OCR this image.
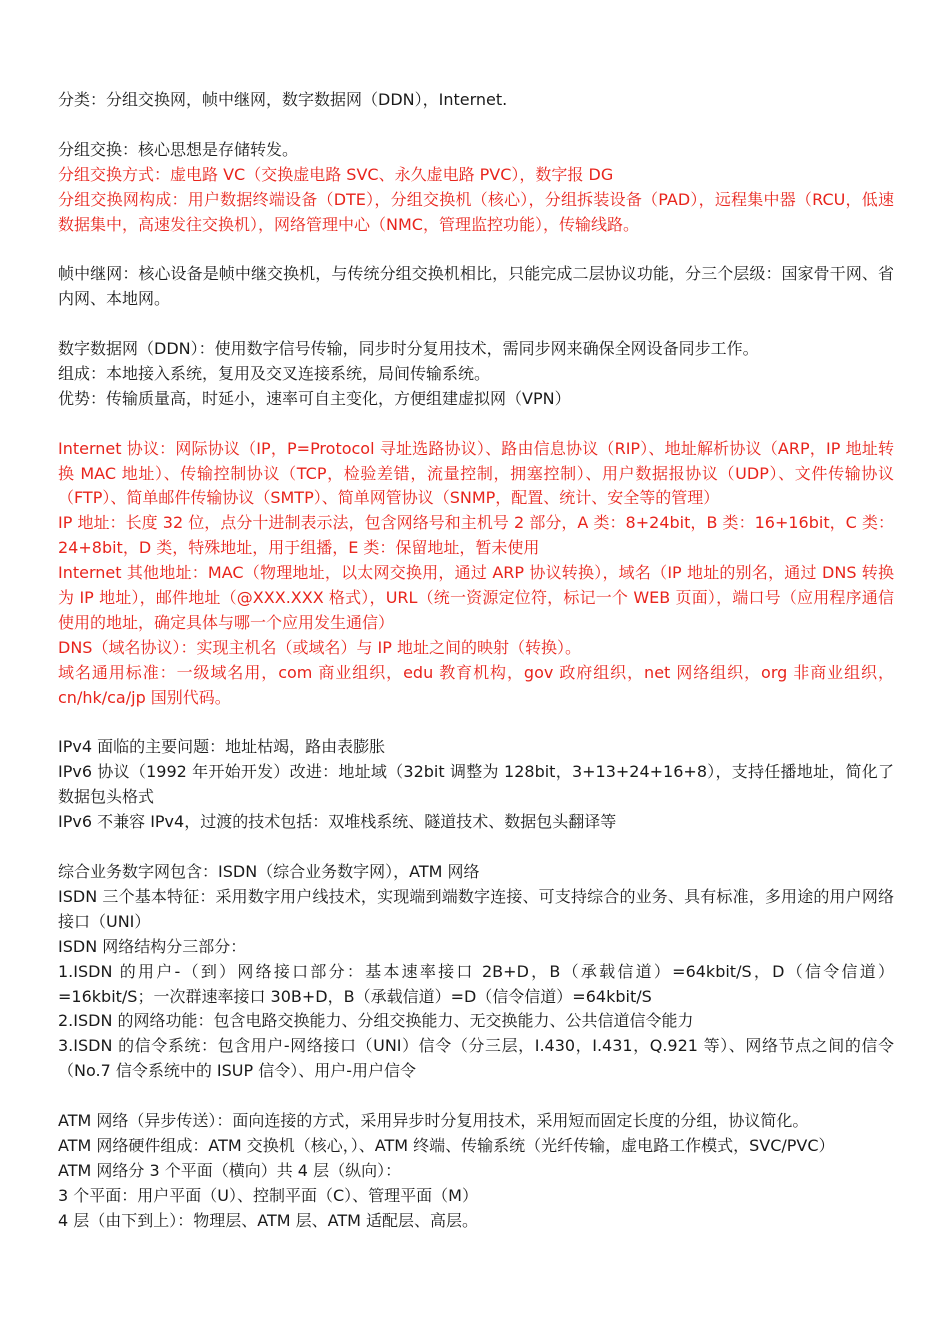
分类：分组交换网，帧中继网，数字数据网（DDN），Internet.

分组交换：核心思想是存储转发。

分组交换方式：虚电路 VC（交换虚电路 SVC、永久虚电路 PVC），数字报 DG

分组交换网构成：用户数据终端设备（DTE），分组交换机（核心），分组拆装设备（PAD），远程集中器（RCU，低速数据集中，高速发往交换机），网络管理中心（NMC，管理监控功能），传输线路。

帧中继网：核心设备是帧中继交换机，与传统分组交换机相比，只能完成二层协议功能，分三个层级：国家骨干网、省内网、本地网。

数字数据网（DDN）：使用数字信号传输，同步时分复用技术，需同步网来确保全网设备同步工作。

组成：本地接入系统，复用及交叉连接系统，局间传输系统。

优势：传输质量高，时延小，速率可自主变化，方便组建虚拟网（VPN）

Internet 协议：网际协议（IP，P=Protocol 寻址选路协议）、路由信息协议（RIP）、地址解析协议（ARP，IP 地址转换 MAC 地址）、传输控制协议（TCP，检验差错，流量控制，拥塞控制）、用户数据报协议（UDP）、文件传输协议（FTP）、简单邮件传输协议（SMTP）、简单网管协议（SNMP，配置、统计、安全等的管理）

IP 地址：长度 32 位，点分十进制表示法，包含网络号和主机号 2 部分，A 类：8+24bit，B 类：16+16bit，C 类：24+8bit，D 类，特殊地址，用于组播，E 类：保留地址，暂未使用

Internet 其他地址：MAC（物理地址，以太网交换用，通过 ARP 协议转换），域名（IP 地址的别名，通过 DNS 转换为 IP 地址），邮件地址（@XXX.XXX 格式），URL（统一资源定位符，标记一个 WEB 页面），端口号（应用程序通信使用的地址，确定具体与哪一个应用发生通信）

DNS（域名协议）：实现主机名（或域名）与 IP 地址之间的映射（转换）。

域名通用标准：一级域名用，com 商业组织，edu 教育机构，gov 政府组织，net 网络组织，org 非商业组织，cn/hk/ca/jp 国别代码。

IPv4 面临的主要问题：地址枯竭，路由表膨胀

IPv6 协议（1992 年开始开发）改进：地址域（32bit 调整为 128bit，3+13+24+16+8），支持任播地址，简化了数据包头格式

IPv6 不兼容 IPv4，过渡的技术包括：双堆栈系统、隧道技术、数据包头翻译等

综合业务数字网包含：ISDN（综合业务数字网），ATM 网络

ISDN 三个基本特征：采用数字用户线技术，实现端到端数字连接、可支持综合的业务、具有标准，多用途的用户网络接口（UNI）

ISDN 网络结构分三部分：

1.ISDN 的用户-（到）网络接口部分：基本速率接口 2B+D，B（承载信道）=64kbit/S，D（信令信道）=16kbit/S；一次群速率接口 30B+D，B（承载信道）=D（信令信道）=64kbit/S

2.ISDN 的网络功能：包含电路交换能力、分组交换能力、无交换能力、公共信道信令能力

3.ISDN 的信令系统：包含用户-网络接口（UNI）信令（分三层，I.430，I.431，Q.921 等）、网络节点之间的信令（No.7 信令系统中的 ISUP 信令）、用户-用户信令

ATM 网络（异步传送）：面向连接的方式，采用异步时分复用技术，采用短而固定长度的分组，协议简化。

ATM 网络硬件组成：ATM 交换机（核心，）、ATM 终端、传输系统（光纤传输，虚电路工作模式，SVC/PVC）

ATM 网络分 3 个平面（横向）共 4 层（纵向）：

3 个平面：用户平面（U）、控制平面（C）、管理平面（M）

4 层（由下到上）：物理层、ATM 层、ATM 适配层、高层。
